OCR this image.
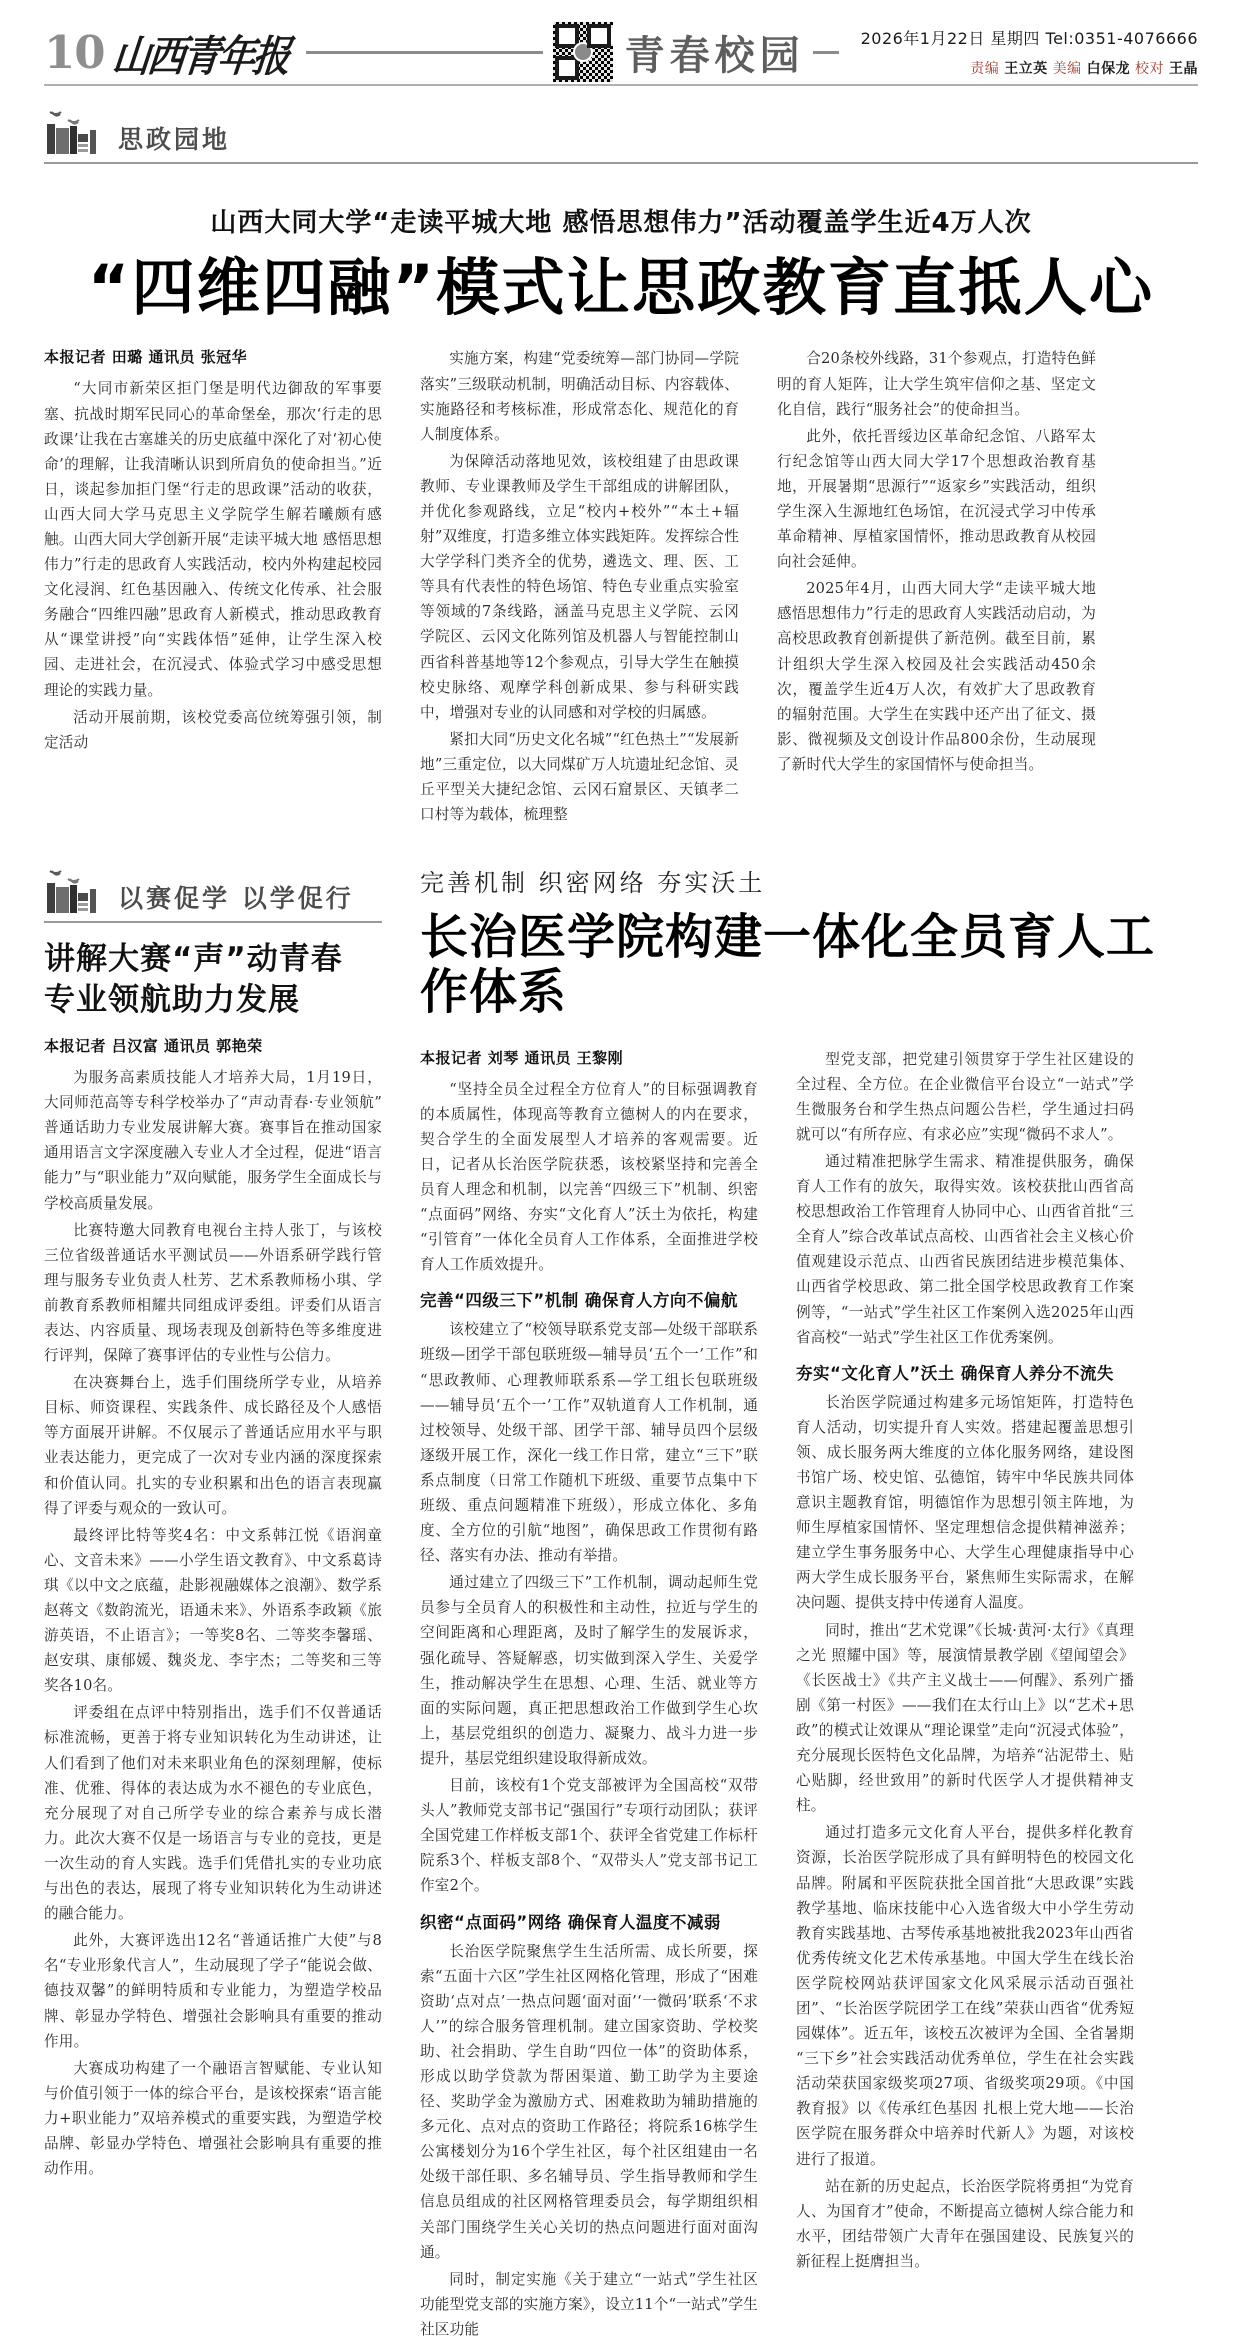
10 山西青年报	青春校园	2026年1月22日 星期四 Tel:0351-4076666
责编 王立英 美编 白保龙 校对 王晶
思政园地
山西大同大学“走读平城大地 感悟思想伟力”活动覆盖学生近4万人次
“四维四融”模式让思政教育直抵人心
本报记者 田璐 通讯员 张冠华

“大同市新荣区拒门堡是明代边御敌的军事要塞、抗战时期军民同心的革命堡垒，那次‘行走的思政课’让我在古塞雄关的历史底蕴中深化了对‘初心使命’的理解，让我清晰认识到所肩负的使命担当。”近日，谈起参加拒门堡“行走的思政课”活动的收获，山西大同大学马克思主义学院学生解若曦颇有感触。山西大同大学创新开展“走读平城大地 感悟思想伟力”行走的思政育人实践活动，校内外构建起校园文化浸润、红色基因融入、传统文化传承、社会服务融合“四维四融”思政育人新模式，推动思政教育从“课堂讲授”向“实践体悟”延伸，让学生深入校园、走进社会，在沉浸式、体验式学习中感受思想理论的实践力量。

活动开展前期，该校党委高位统筹强引领，制定活动

实施方案，构建“党委统筹—部门协同—学院落实”三级联动机制，明确活动目标、内容载体、实施路径和考核标准，形成常态化、规范化的育人制度体系。

为保障活动落地见效，该校组建了由思政课教师、专业课教师及学生干部组成的讲解团队，并优化参观路线，立足“校内+校外”“本土+辐射”双维度，打造多维立体实践矩阵。发挥综合性大学学科门类齐全的优势，遴选文、理、医、工等具有代表性的特色场馆、特色专业重点实验室等领域的7条线路，涵盖马克思主义学院、云冈学院区、云冈文化陈列馆及机器人与智能控制山西省科普基地等12个参观点，引导大学生在触摸校史脉络、观摩学科创新成果、参与科研实践中，增强对专业的认同感和对学校的归属感。

紧扣大同“历史文化名城”“红色热土”“发展新地”三重定位，以大同煤矿万人坑遗址纪念馆、灵丘平型关大捷纪念馆、云冈石窟景区、天镇孝二口村等为载体，梳理整

合20条校外线路，31个参观点，打造特色鲜明的育人矩阵，让大学生筑牢信仰之基、坚定文化自信，践行“服务社会”的使命担当。

此外，依托晋绥边区革命纪念馆、八路军太行纪念馆等山西大同大学17个思想政治教育基地，开展暑期“思源行”“返家乡”实践活动，组织学生深入生源地红色场馆，在沉浸式学习中传承革命精神、厚植家国情怀，推动思政教育从校园向社会延伸。

2025年4月，山西大同大学“走读平城大地 感悟思想伟力”行走的思政育人实践活动启动，为高校思政教育创新提供了新范例。截至目前，累计组织大学生深入校园及社会实践活动450余次，覆盖学生近4万人次，有效扩大了思政教育的辐射范围。大学生在实践中还产出了征文、摄影、微视频及文创设计作品800余份，生动展现了新时代大学生的家国情怀与使命担当。

以赛促学 以学促行
讲解大赛“声”动青春
专业领航助力发展
本报记者 吕汉富 通讯员 郭艳荣

为服务高素质技能人才培养大局，1月19日，大同师范高等专科学校举办了“声动青春·专业领航”普通话助力专业发展讲解大赛。赛事旨在推动国家通用语言文字深度融入专业人才全过程，促进“语言能力”与“职业能力”双向赋能，服务学生全面成长与学校高质量发展。

比赛特邀大同教育电视台主持人张丁，与该校三位省级普通话水平测试员——外语系研学践行管理与服务专业负责人杜芳、艺术系教师杨小琪、学前教育系教师相耀共同组成评委组。评委们从语言表达、内容质量、现场表现及创新特色等多维度进行评判，保障了赛事评估的专业性与公信力。

在决赛舞台上，选手们围绕所学专业，从培养目标、师资课程、实践条件、成长路径及个人感悟等方面展开讲解。不仅展示了普通话应用水平与职业表达能力，更完成了一次对专业内涵的深度探索和价值认同。扎实的专业积累和出色的语言表现赢得了评委与观众的一致认可。

最终评比特等奖4名：中文系韩江悦《语润童心、文音未来》——小学生语文教育》、中文系葛诗琪《以中文之底蕴，赴影视融媒体之浪潮》、数学系赵蒋文《数韵流光，语通未来》、外语系李政颖《旅游英语，不止语言》；一等奖8名、二等奖李馨瑶、赵安琪、康郁媛、魏炎龙、李宇杰；二等奖和三等奖各10名。

评委组在点评中特别指出，选手们不仅普通话标准流畅，更善于将专业知识转化为生动讲述，让人们看到了他们对未来职业角色的深刻理解，使标准、优雅、得体的表达成为水不褪色的专业底色，充分展现了对自己所学专业的综合素养与成长潜力。此次大赛不仅是一场语言与专业的竞技，更是一次生动的育人实践。选手们凭借扎实的专业功底与出色的表达，展现了将专业知识转化为生动讲述的融合能力。

此外，大赛评选出12名“普通话推广大使”与8名“专业形象代言人”，生动展现了学子“能说会做、德技双馨”的鲜明特质和专业能力，为塑造学校品牌、彰显办学特色、增强社会影响具有重要的推动作用。

大赛成功构建了一个融语言智赋能、专业认知与价值引领于一体的综合平台，是该校探索“语言能力+职业能力”双培养模式的重要实践，为塑造学校品牌、彰显办学特色、增强社会影响具有重要的推动作用。

完善机制 织密网络 夯实沃土
长治医学院构建一体化全员育人工作体系
本报记者 刘琴 通讯员 王黎刚

“坚持全员全过程全方位育人”的目标强调教育的本质属性，体现高等教育立德树人的内在要求，契合学生的全面发展型人才培养的客观需要。近日，记者从长治医学院获悉，该校紧坚持和完善全员育人理念和机制，以完善“四级三下”机制、织密“点面码”网络、夯实“文化育人”沃土为依托，构建“引管育”一体化全员育人工作体系，全面推进学校育人工作质效提升。

完善“四级三下”机制 确保育人方向不偏航

该校建立了“校领导联系党支部—处级干部联系班级—团学干部包联班级—辅导员‘五个一’工作”和“思政教师、心理教师联系系—学工组长包联班级——辅导员‘五个一’工作”双轨道育人工作机制，通过校领导、处级干部、团学干部、辅导员四个层级逐级开展工作，深化一线工作日常，建立“三下”联系点制度（日常工作随机下班级、重要节点集中下班级、重点问题精准下班级），形成立体化、多角度、全方位的引航“地图”，确保思政工作贯彻有路径、落实有办法、推动有举措。

通过建立了四级三下”工作机制，调动起师生党员参与全员育人的积极性和主动性，拉近与学生的空间距离和心理距离，及时了解学生的发展诉求，强化疏导、答疑解惑，切实做到深入学生、关爱学生，推动解决学生在思想、心理、生活、就业等方面的实际问题，真正把思想政治工作做到学生心坎上，基层党组织的创造力、凝聚力、战斗力进一步提升，基层党组织建设取得新成效。

目前，该校有1个党支部被评为全国高校“双带头人”教师党支部书记“强国行”专项行动团队；获评全国党建工作样板支部1个、获评全省党建工作标杆院系3个、样板支部8个、“双带头人”党支部书记工作室2个。

织密“点面码”网络 确保育人温度不减弱

长治医学院聚焦学生生活所需、成长所要，探索“五面十六区”学生社区网格化管理，形成了“困难资助‘点对点’一热点问题‘面对面’‘一微码’联系‘不求人’”的综合服务管理机制。建立国家资助、学校奖助、社会捐助、学生自助“四位一体”的资助体系，形成以助学贷款为帮困渠道、勤工助学为主要途径、奖助学金为激励方式、困难救助为辅助措施的多元化、点对点的资助工作路径；将院系16栋学生公寓楼划分为16个学生社区，每个社区组建由一名处级干部任职、多名辅导员、学生指导教师和学生信息员组成的社区网格管理委员会，每学期组织相关部门围绕学生关心关切的热点问题进行面对面沟通。

同时，制定实施《关于建立“一站式”学生社区功能型党支部的实施方案》，设立11个“一站式”学生社区功能

型党支部，把党建引领贯穿于学生社区建设的全过程、全方位。在企业微信平台设立“一站式”学生微服务台和学生热点问题公告栏，学生通过扫码就可以“有所存应、有求必应”实现“微码不求人”。

通过精准把脉学生需求、精准提供服务，确保育人工作有的放矢，取得实效。该校获批山西省高校思想政治工作管理育人协同中心、山西省首批“三全育人”综合改革试点高校、山西省社会主义核心价值观建设示范点、山西省民族团结进步模范集体、山西省学校思政、第二批全国学校思政教育工作案例等，“一站式”学生社区工作案例入选2025年山西省高校“一站式”学生社区工作优秀案例。

夯实“文化育人”沃土 确保育人养分不流失

长治医学院通过构建多元场馆矩阵，打造特色育人活动，切实提升育人实效。搭建起覆盖思想引领、成长服务两大维度的立体化服务网络，建设图书馆广场、校史馆、弘德馆，铸牢中华民族共同体意识主题教育馆，明德馆作为思想引领主阵地，为师生厚植家国情怀、坚定理想信念提供精神滋养；建立学生事务服务中心、大学生心理健康指导中心两大学生成长服务平台，紧焦师生实际需求，在解决问题、提供支持中传递育人温度。

同时，推出“艺术党课”《长城·黄河·太行》《真理之光 照耀中国》等，展演情景教学剧《望闻望会》《长医战士》《共产主义战士——何醒》、系列广播剧《第一村医》——我们在太行山上》以“艺术+思政”的模式让效课从“理论课堂”走向“沉浸式体验”，充分展现长医特色文化品牌，为培养“沾泥带土、贴心贴脚，经世致用”的新时代医学人才提供精神支柱。

通过打造多元文化育人平台，提供多样化教育资源，长治医学院形成了具有鲜明特色的校园文化品牌。附属和平医院获批全国首批“大思政课”实践教学基地、临床技能中心入选省级大中小学生劳动教育实践基地、古琴传承基地被批我2023年山西省优秀传统文化艺术传承基地。中国大学生在线长治医学院校网站获评国家文化风采展示活动百强社团”、“长治医学院团学工在线”荣获山西省“优秀短园媒体”。近五年，该校五次被评为全国、全省暑期“三下乡”社会实践活动优秀单位，学生在社会实践活动荣获国家级奖项27项、省级奖项29项。《中国教育报》以《传承红色基因 扎根上党大地——长治医学院在服务群众中培养时代新人》为题，对该校进行了报道。

站在新的历史起点，长治医学院将勇担“为党育人、为国育才”使命，不断提高立德树人综合能力和水平，团结带领广大青年在强国建设、民族复兴的新征程上挺膺担当。
